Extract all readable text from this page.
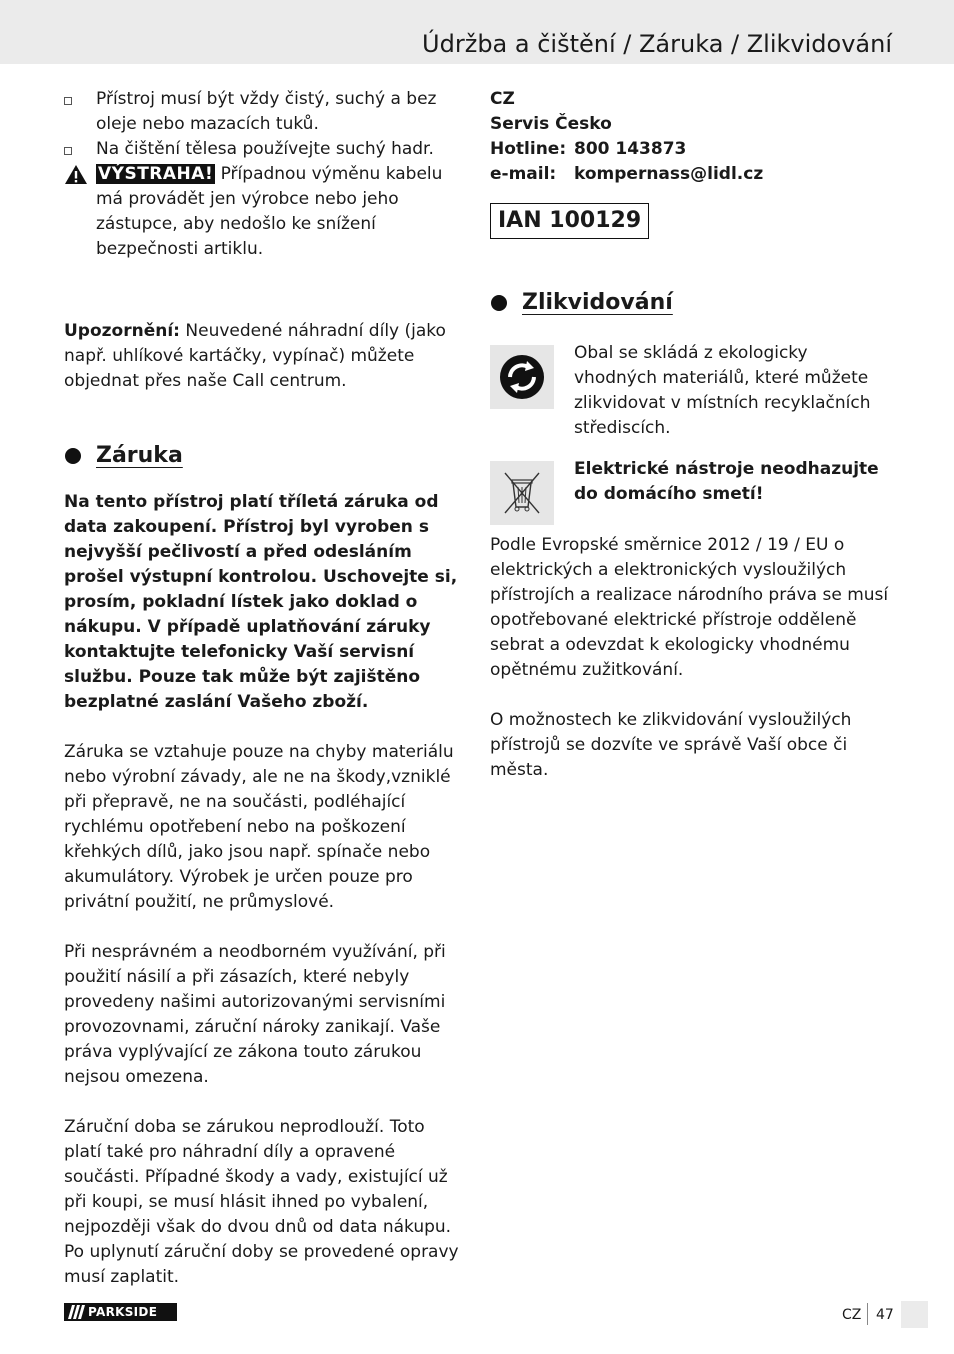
Údržba a čištění / Záruka / Zlikvidování

Přístroj musí být vždy čistý, suchý a bez oleje nebo mazacích tuků.

Na čištění tělesa používejte suchý hadr.

VÝSTRAHA! Případnou výměnu kabelu má provádět jen výrobce nebo jeho zástupce, aby nedošlo ke snížení bezpečnosti artiklu.

Upozornění: Neuvedené náhradní díly (jako např. uhlíkové kartáčky, vypínač) můžete objednat přes naše Call centrum.

Záruka

Na tento přístroj platí tříletá záruka od data zakoupení. Přístroj byl vyroben s nejvyšší pečlivostí a před odesláním prošel výstupní kontrolou. Uschovejte si, prosím, pokladní lístek jako doklad o nákupu. V případě uplatňování záruky kontaktujte telefonicky Vaší servisní službu. Pouze tak může být zajištěno bezplatné zaslání Vašeho zboží.

Záruka se vztahuje pouze na chyby materiálu nebo výrobní závady, ale ne na škody,vzniklé při přepravě, ne na součásti, podléhající rychlému opotřebení nebo na poškození křehkých dílů, jako jsou např. spínače nebo akumulátory. Výrobek je určen pouze pro privátní použití, ne průmyslové.

Při nesprávném a neodborném využívání, při použití násilí a při zásazích, které nebyly provedeny našimi autorizovanými servisními provozovnami, záruční nároky zanikají. Vaše práva vyplývající ze zákona touto zárukou nejsou omezena.

Záruční doba se zárukou neprodlouží. Toto platí také pro náhradní díly a opravené součásti. Případné škody a vady, existující už při koupi, se musí hlásit ihned po vybalení, nejpozději však do dvou dnů od data nákupu. Po uplynutí záruční doby se provedené opravy musí zaplatit.

CZ
Servis Česko
Hotline: 800 143873
e-mail: kompernass@lidl.cz
IAN 100129
Zlikvidování

Obal se skládá z ekologicky vhodných materiálů, které můžete zlikvidovat v místních recyklačních střediscích.

Elektrické nástroje neodhazujte do domácího smetí!

Podle Evropské směrnice 2012 / 19 / EU o elektrických a elektronických vysloužilých přístrojích a realizace národního práva se musí opotřebované elektrické přístroje odděleně sebrat a odevzdat k ekologicky vhodnému opětnému zužitkování.

O možnostech ke zlikvidování vysloužilých přístrojů se dozvíte ve správě Vaší obce či města.

PARKSIDE	CZ 47
